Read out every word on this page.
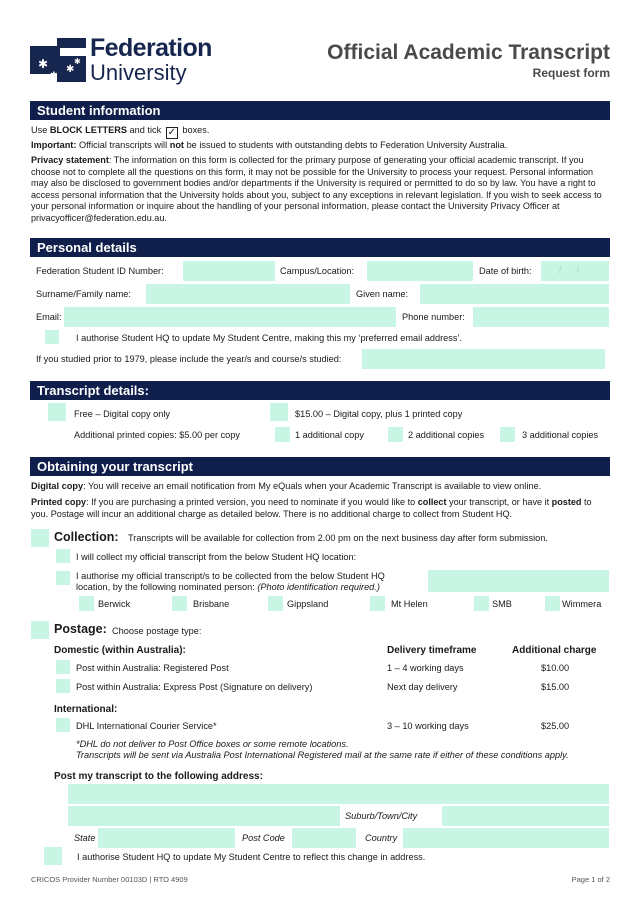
✱ ✱
✱
✱
Federation
University
Official Academic Transcript
Request form
Student information
Use BLOCK LETTERS and tick ✓ boxes.
Important: Official transcripts will not be issued to students with outstanding debts to Federation University Australia.
Privacy statement: The information on this form is collected for the primary purpose of generating your official academic transcript. If you choose not to complete all the questions on this form, it may not be possible for the University to process your request. Personal information may also be disclosed to government bodies and/or departments if the University is required or permitted to do so by law. You have a right to access personal information that the University holds about you, subject to any exceptions in relevant legislation. If you wish to seek access to your personal information or inquire about the handling of your personal information, please contact the University Privacy Officer at privacyofficer@federation.edu.au.
Personal details
Federation Student ID Number:	Campus/Location:	Date of birth:	/      /
Surname/Family name:	Given name:
Email:	Phone number:
I authorise Student HQ to update My Student Centre, making this my ‘preferred email address’.
If you studied prior to 1979, please include the year/s and course/s studied:
Transcript details:
Free – Digital copy only	$15.00 – Digital copy, plus 1 printed copy
Additional printed copies: $5.00 per copy	1 additional copy	2 additional copies	3 additional copies
Obtaining your transcript
Digital copy: You will receive an email notification from My eQuals when your Academic Transcript is available to view online.
Printed copy: If you are purchasing a printed version, you need to nominate if you would like to collect your transcript, or have it posted to you. Postage will incur an additional charge as detailed below. There is no additional charge to collect from Student HQ.
Collection: Transcripts will be available for collection from 2.00 pm on the next business day after form submission.
I will collect my official transcript from the below Student HQ location:
I authorise my official transcript/s to be collected from the below Student HQ
location, by the following nominated person: (Photo identification required.)
Berwick	Brisbane	Gippsland	Mt Helen	SMB	Wimmera
Postage: Choose postage type:
Domestic (within Australia):	Delivery timeframe	Additional charge
Post within Australia: Registered Post	1 – 4 working days	$10.00
Post within Australia: Express Post (Signature on delivery)	Next day delivery	$15.00
International:
DHL International Courier Service*	3 – 10 working days	$25.00
*DHL do not deliver to Post Office boxes or some remote locations.
Transcripts will be sent via Australia Post International Registered mail at the same rate if either of these conditions apply.
Post my transcript to the following address:
Suburb/Town/City
State	Post Code	Country
I authorise Student HQ to update My Student Centre to reflect this change in address.
CRICOS Provider Number 00103D | RTO 4909	Page 1 of 2
